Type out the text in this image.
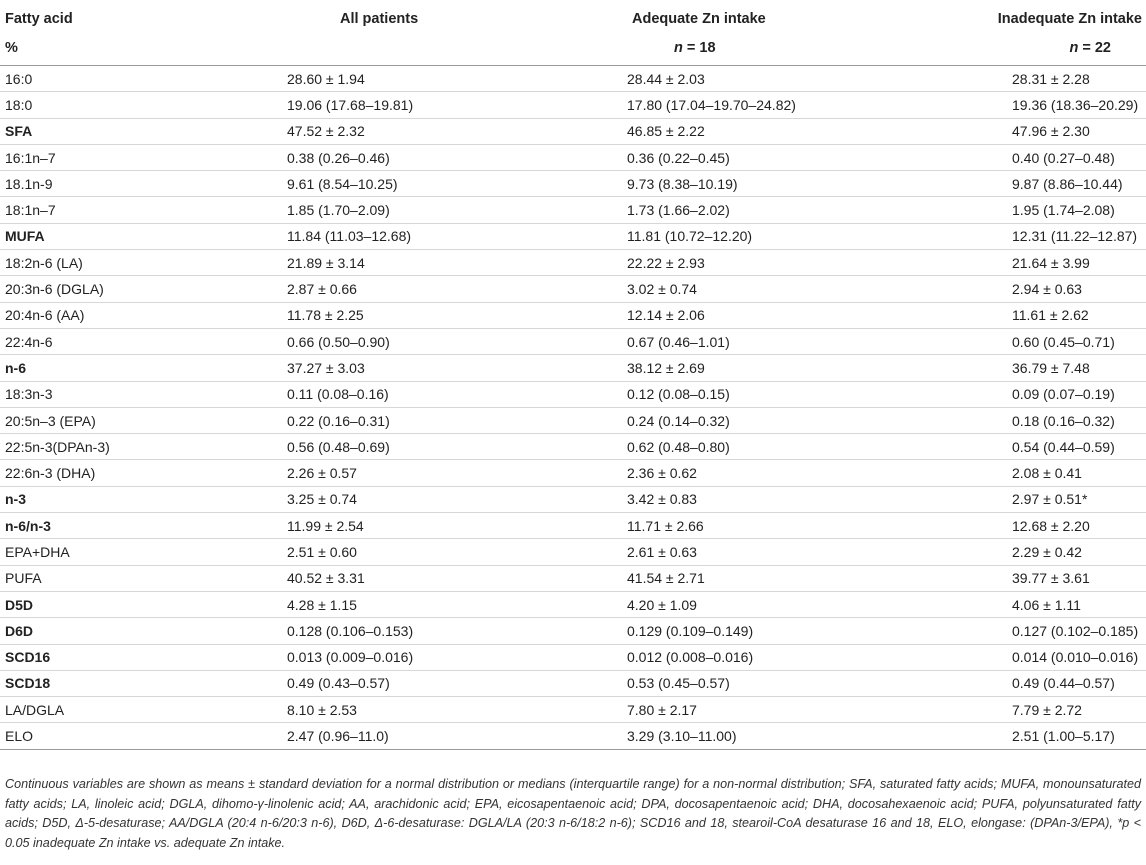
Fatty acid	All patients	Adequate Zn intake	Inadequate Zn intake
%		n = 18	n = 22
16:0	28.60 ± 1.94	28.44 ± 2.03	28.31 ± 2.28
18:0	19.06 (17.68–19.81)	17.80 (17.04–19.70–24.82)	19.36 (18.36–20.29)
SFA	47.52 ± 2.32	46.85 ± 2.22	47.96 ± 2.30
16:1n–7	0.38 (0.26–0.46)	0.36 (0.22–0.45)	0.40 (0.27–0.48)
18.1n-9	9.61 (8.54–10.25)	9.73 (8.38–10.19)	9.87 (8.86–10.44)
18:1n–7	1.85 (1.70–2.09)	1.73 (1.66–2.02)	1.95 (1.74–2.08)
MUFA	11.84 (11.03–12.68)	11.81 (10.72–12.20)	12.31 (11.22–12.87)
18:2n-6 (LA)	21.89 ± 3.14	22.22 ± 2.93	21.64 ± 3.99
20:3n-6 (DGLA)	2.87 ± 0.66	3.02 ± 0.74	2.94 ± 0.63
20:4n-6 (AA)	11.78 ± 2.25	12.14 ± 2.06	11.61 ± 2.62
22:4n-6	0.66 (0.50–0.90)	0.67 (0.46–1.01)	0.60 (0.45–0.71)
n-6	37.27 ± 3.03	38.12 ± 2.69	36.79 ± 7.48
18:3n-3	0.11 (0.08–0.16)	0.12 (0.08–0.15)	0.09 (0.07–0.19)
20:5n–3 (EPA)	0.22 (0.16–0.31)	0.24 (0.14–0.32)	0.18 (0.16–0.32)
22:5n-3(DPAn-3)	0.56 (0.48–0.69)	0.62 (0.48–0.80)	0.54 (0.44–0.59)
22:6n-3 (DHA)	2.26 ± 0.57	2.36 ± 0.62	2.08 ± 0.41
n-3	3.25 ± 0.74	3.42 ± 0.83	2.97 ± 0.51*
n-6/n-3	11.99 ± 2.54	11.71 ± 2.66	12.68 ± 2.20
EPA+DHA	2.51 ± 0.60	2.61 ± 0.63	2.29 ± 0.42
PUFA	40.52 ± 3.31	41.54 ± 2.71	39.77 ± 3.61
D5D	4.28 ± 1.15	4.20 ± 1.09	4.06 ± 1.11
D6D	0.128 (0.106–0.153)	0.129 (0.109–0.149)	0.127 (0.102–0.185)
SCD16	0.013 (0.009–0.016)	0.012 (0.008–0.016)	0.014 (0.010–0.016)
SCD18	0.49 (0.43–0.57)	0.53 (0.45–0.57)	0.49 (0.44–0.57)
LA/DGLA	8.10 ± 2.53	7.80 ± 2.17	7.79 ± 2.72
ELO	2.47 (0.96–11.0)	3.29 (3.10–11.00)	2.51 (1.00–5.17)
Continuous variables are shown as means ± standard deviation for a normal distribution or medians (interquartile range) for a non-normal distribution; SFA, saturated fatty acids; MUFA, monounsaturated fatty acids; LA, linoleic acid; DGLA, dihomo-γ-linolenic acid; AA, arachidonic acid; EPA, eicosapentaenoic acid; DPA, docosapentaenoic acid; DHA, docosahexaenoic acid; PUFA, polyunsaturated fatty acids; D5D, Δ-5-desaturase; AA/DGLA (20:4 n-6/20:3 n-6), D6D, Δ-6-desaturase: DGLA/LA (20:3 n-6/18:2 n-6); SCD16 and 18, stearoil-CoA desaturase 16 and 18, ELO, elongase: (DPAn-3/EPA), *p < 0.05 inadequate Zn intake vs. adequate Zn intake.
